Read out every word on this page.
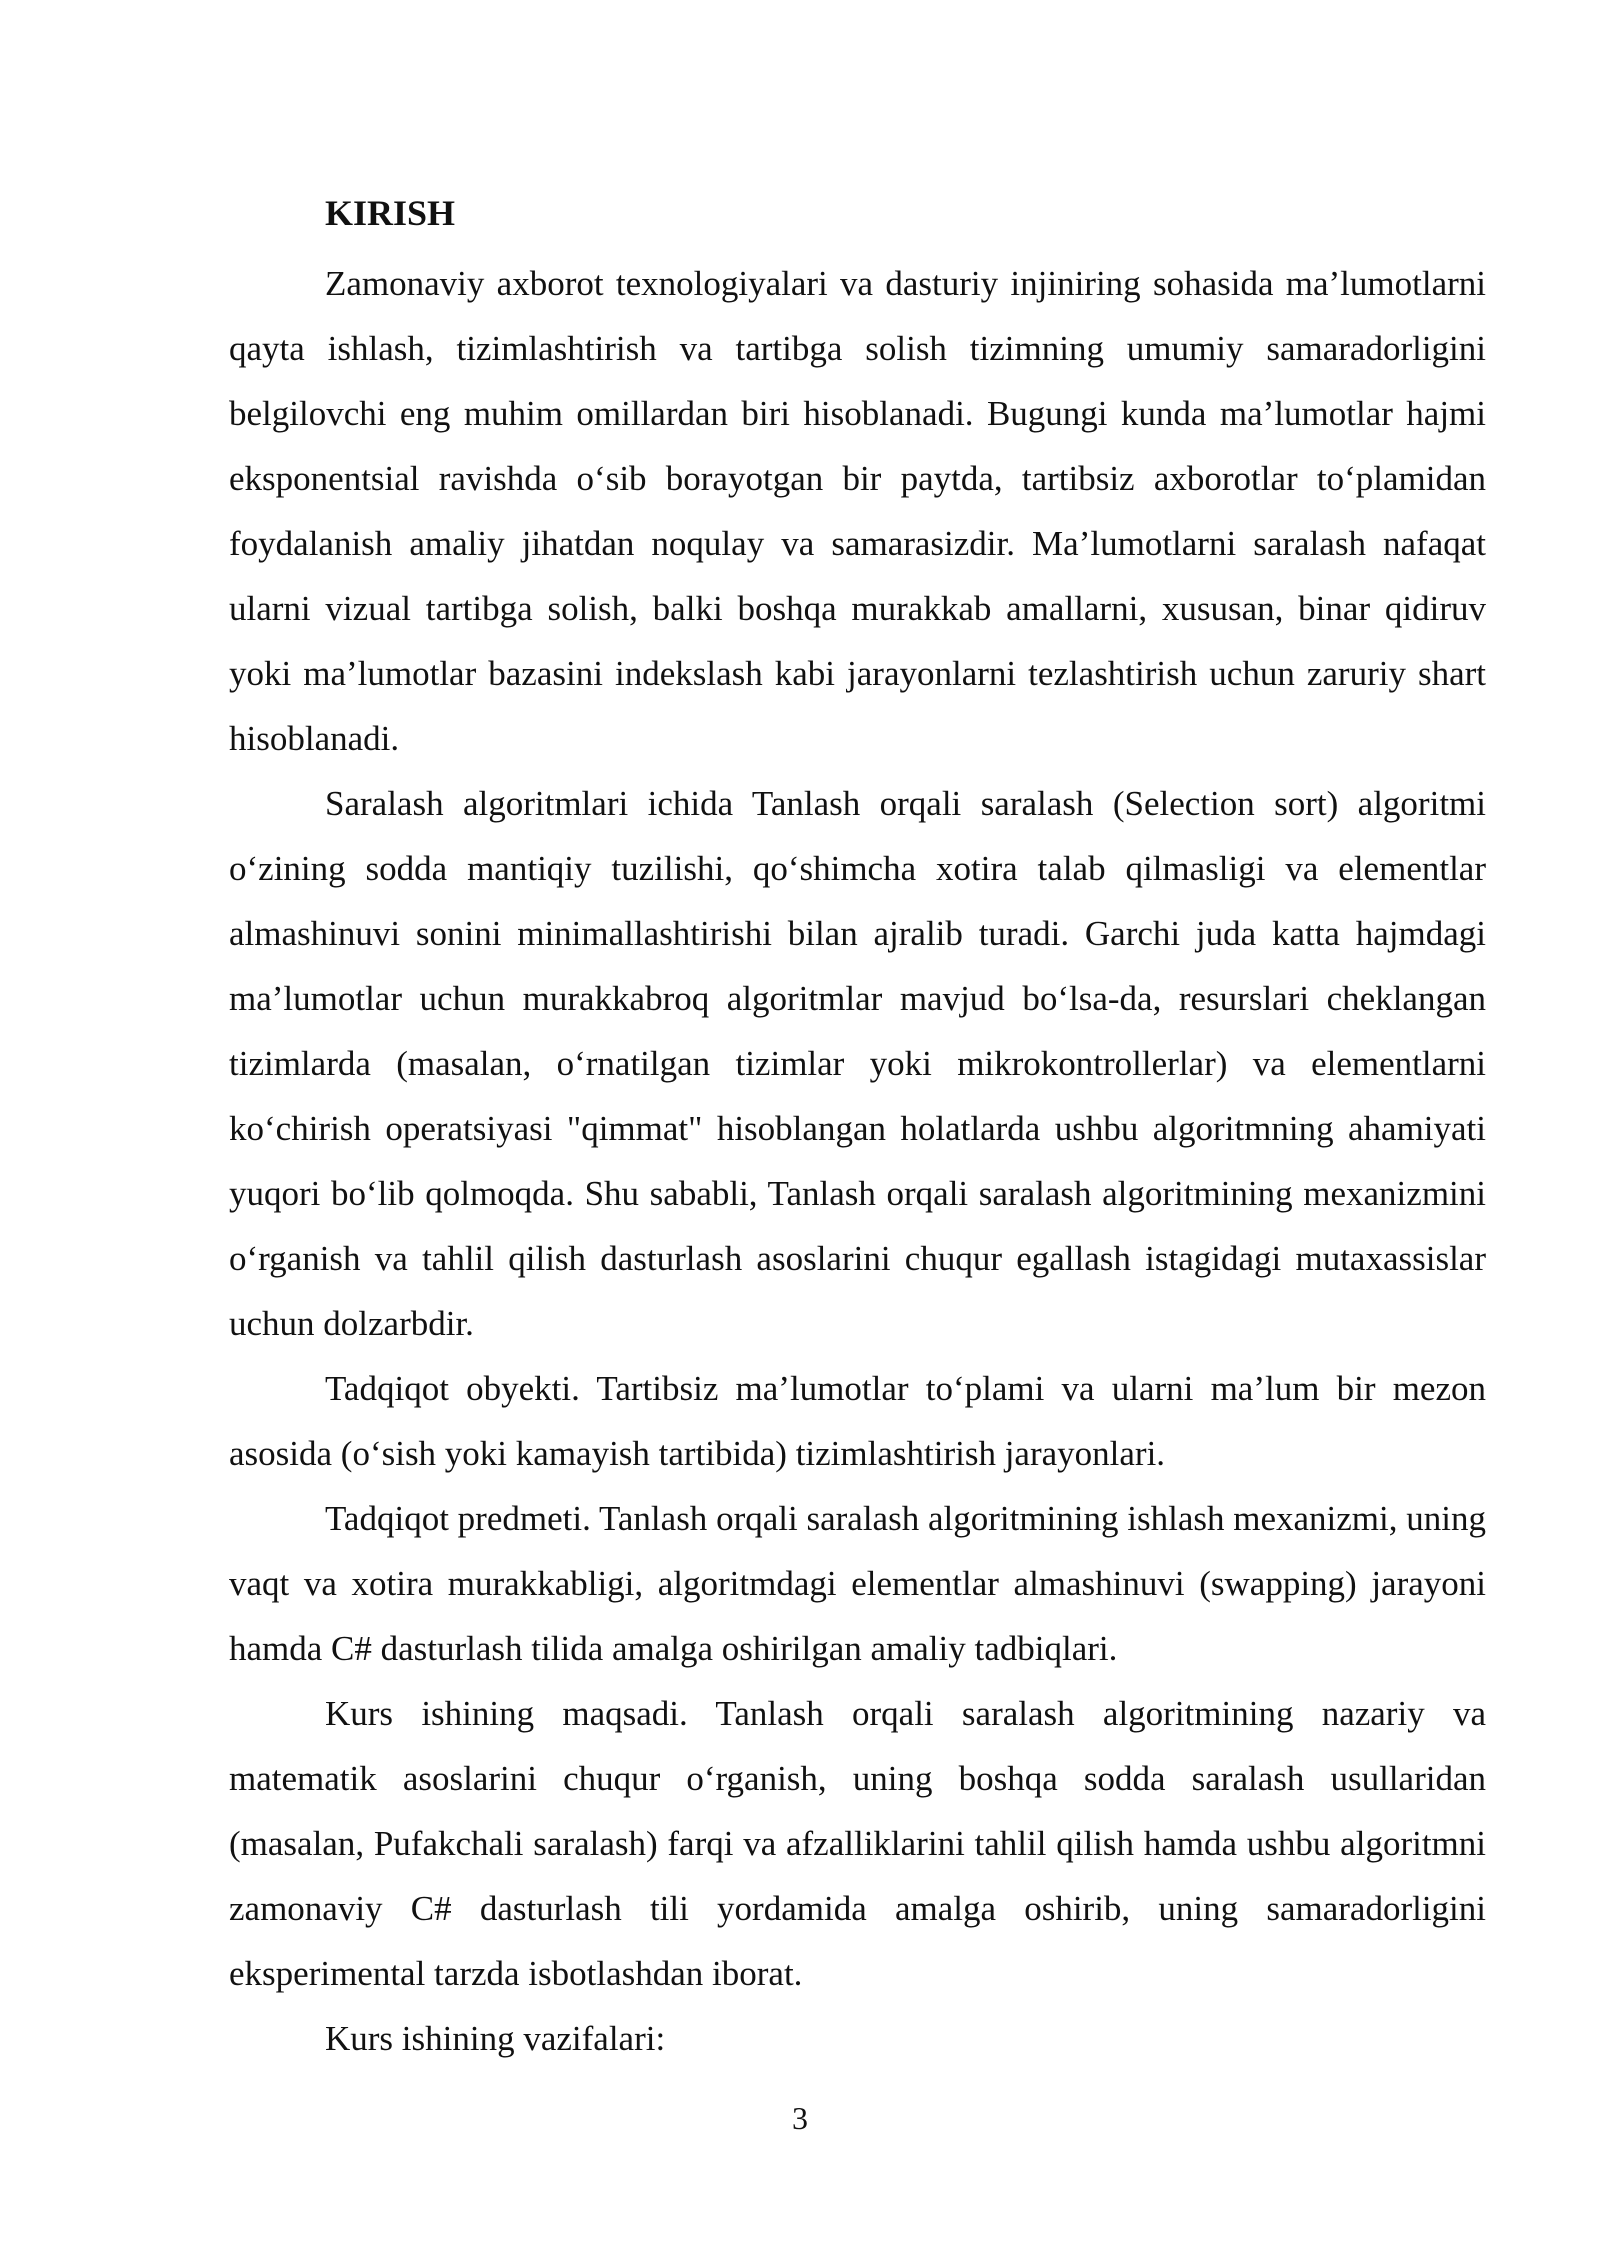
KIRISH

Zamonaviy axborot texnologiyalari va dasturiy injiniring sohasida ma’lumotlarni qayta ishlash, tizimlashtirish va tartibga solish tizimning umumiy samaradorligini belgilovchi eng muhim omillardan biri hisoblanadi. Bugungi kunda ma’lumotlar hajmi eksponentsial ravishda o‘sib borayotgan bir paytda, tartibsiz axborotlar to‘plamidan foydalanish amaliy jihatdan noqulay va samarasizdir. Ma’lumotlarni saralash nafaqat ularni vizual tartibga solish, balki boshqa murakkab amallarni, xususan, binar qidiruv yoki ma’lumotlar bazasini indekslash kabi jarayonlarni tezlashtirish uchun zaruriy shart hisoblanadi.

Saralash algoritmlari ichida Tanlash orqali saralash (Selection sort) algoritmi o‘zining sodda mantiqiy tuzilishi, qo‘shimcha xotira talab qilmasligi va elementlar almashinuvi sonini minimallashtirishi bilan ajralib turadi. Garchi juda katta hajmdagi ma’lumotlar uchun murakkabroq algoritmlar mavjud bo‘lsa-da, resurslari cheklangan tizimlarda (masalan, o‘rnatilgan tizimlar yoki mikrokontrollerlar) va elementlarni ko‘chirish operatsiyasi "qimmat" hisoblangan holatlarda ushbu algoritmning ahamiyati yuqori bo‘lib qolmoqda. Shu sababli, Tanlash orqali saralash algoritmining mexanizmini o‘rganish va tahlil qilish dasturlash asoslarini chuqur egallash istagidagi mutaxassislar uchun dolzarbdir.

Tadqiqot obyekti. Tartibsiz ma’lumotlar to‘plami va ularni ma’lum bir mezon asosida (o‘sish yoki kamayish tartibida) tizimlashtirish jarayonlari.

Tadqiqot predmeti. Tanlash orqali saralash algoritmining ishlash mexanizmi, uning vaqt va xotira murakkabligi, algoritmdagi elementlar almashinuvi (swapping) jarayoni hamda C# dasturlash tilida amalga oshirilgan amaliy tadbiqlari.

Kurs ishining maqsadi. Tanlash orqali saralash algoritmining nazariy va matematik asoslarini chuqur o‘rganish, uning boshqa sodda saralash usullaridan (masalan, Pufakchali saralash) farqi va afzalliklarini tahlil qilish hamda ushbu algoritmni zamonaviy C# dasturlash tili yordamida amalga oshirib, uning samaradorligini eksperimental tarzda isbotlashdan iborat.

Kurs ishining vazifalari:

3
